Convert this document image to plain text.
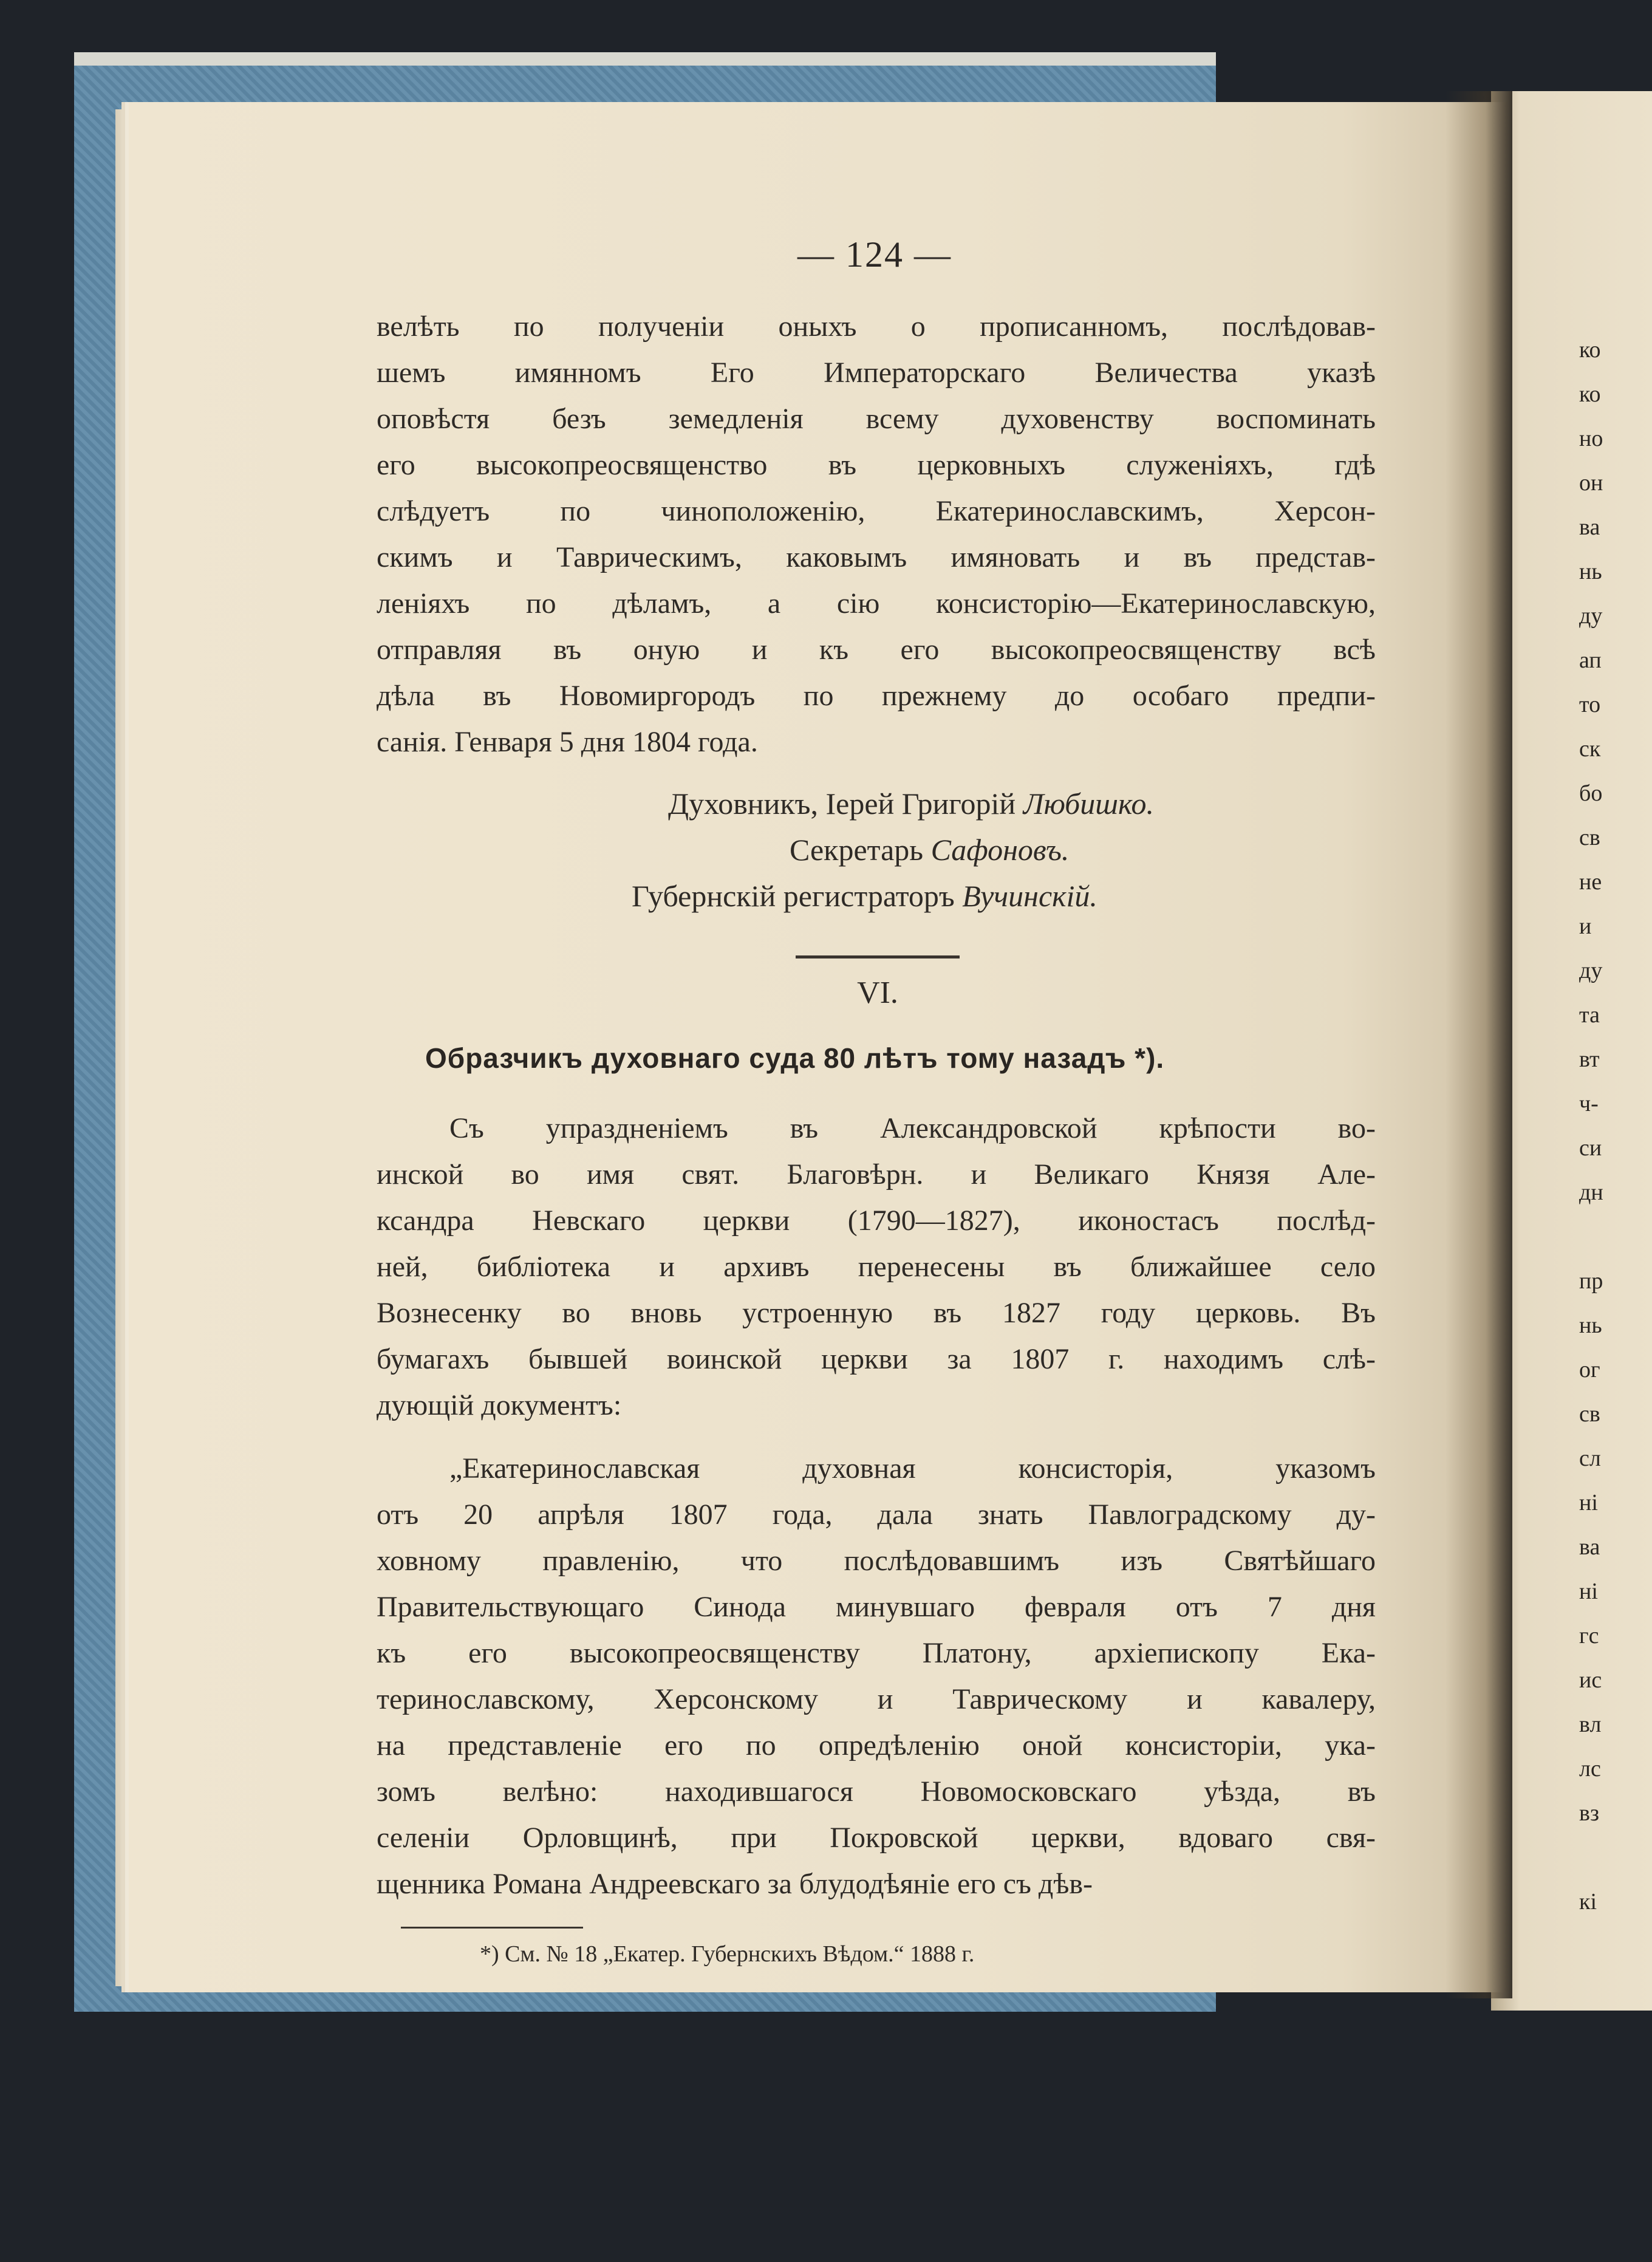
ко
ко
но
он
ва
нь
ду
ап
то
ск
бо
св
не
и
ду
та
вт
ч-
си
дн
пр
нь
ог
св
сл
ні
ва
ні
гс
ис
вл
лс
вз
кі
— 124 —
велѣть по полученіи оныхъ о прописанномъ, послѣдовав-
шемъ имянномъ Его Императорскаго Величества указѣ
оповѣстя безъ земедленія всему духовенству воспоминать
его высокопреосвященство въ церковныхъ служеніяхъ, гдѣ
слѣдуетъ по чиноположенію, Екатеринославскимъ, Херсон-
скимъ и Таврическимъ, каковымъ имяновать и въ представ-
леніяхъ по дѣламъ, а сію консисторію—Екатеринославскую,
отправляя въ оную и къ его высокопреосвященству всѣ
дѣла въ Новомиргородъ по прежнему до особаго предпи-
санія. Генваря 5 дня 1804 года.
Духовникъ, Іерей Григорій Любишко.
Секретарь Сафоновъ.
Губернскій регистраторъ Вучинскій.
VI.
Образчикъ духовнаго суда 80 лѣтъ тому назадъ *).
Съ упраздненіемъ въ Александровской крѣпости во-
инской во имя свят. Благовѣрн. и Великаго Князя Але-
ксандра Невскаго церкви (1790—1827), иконостасъ послѣд-
ней, библіотека и архивъ перенесены въ ближайшее село
Вознесенку во вновь устроенную въ 1827 году церковь. Въ
бумагахъ бывшей воинской церкви за 1807 г. находимъ слѣ-
дующій документъ:
„Екатеринославская духовная консисторія, указомъ
отъ 20 апрѣля 1807 года, дала знать Павлоградскому ду-
ховному правленію, что послѣдовавшимъ изъ Святѣйшаго
Правительствующаго Синода минувшаго февраля отъ 7 дня
къ его высокопреосвященству Платону, архіепископу Ека-
теринославскому, Херсонскому и Таврическому и кавалеру,
на представленіе его по опредѣленію оной консисторіи, ука-
зомъ велѣно: находившагося Новомосковскаго уѣзда, въ
селеніи Орловщинѣ, при Покровской церкви, вдоваго свя-
щенника Романа Андреевскаго за блудодѣяніе его съ дѣв-
*) См. № 18 „Екатер. Губернскихъ Вѣдом.“ 1888 г.
